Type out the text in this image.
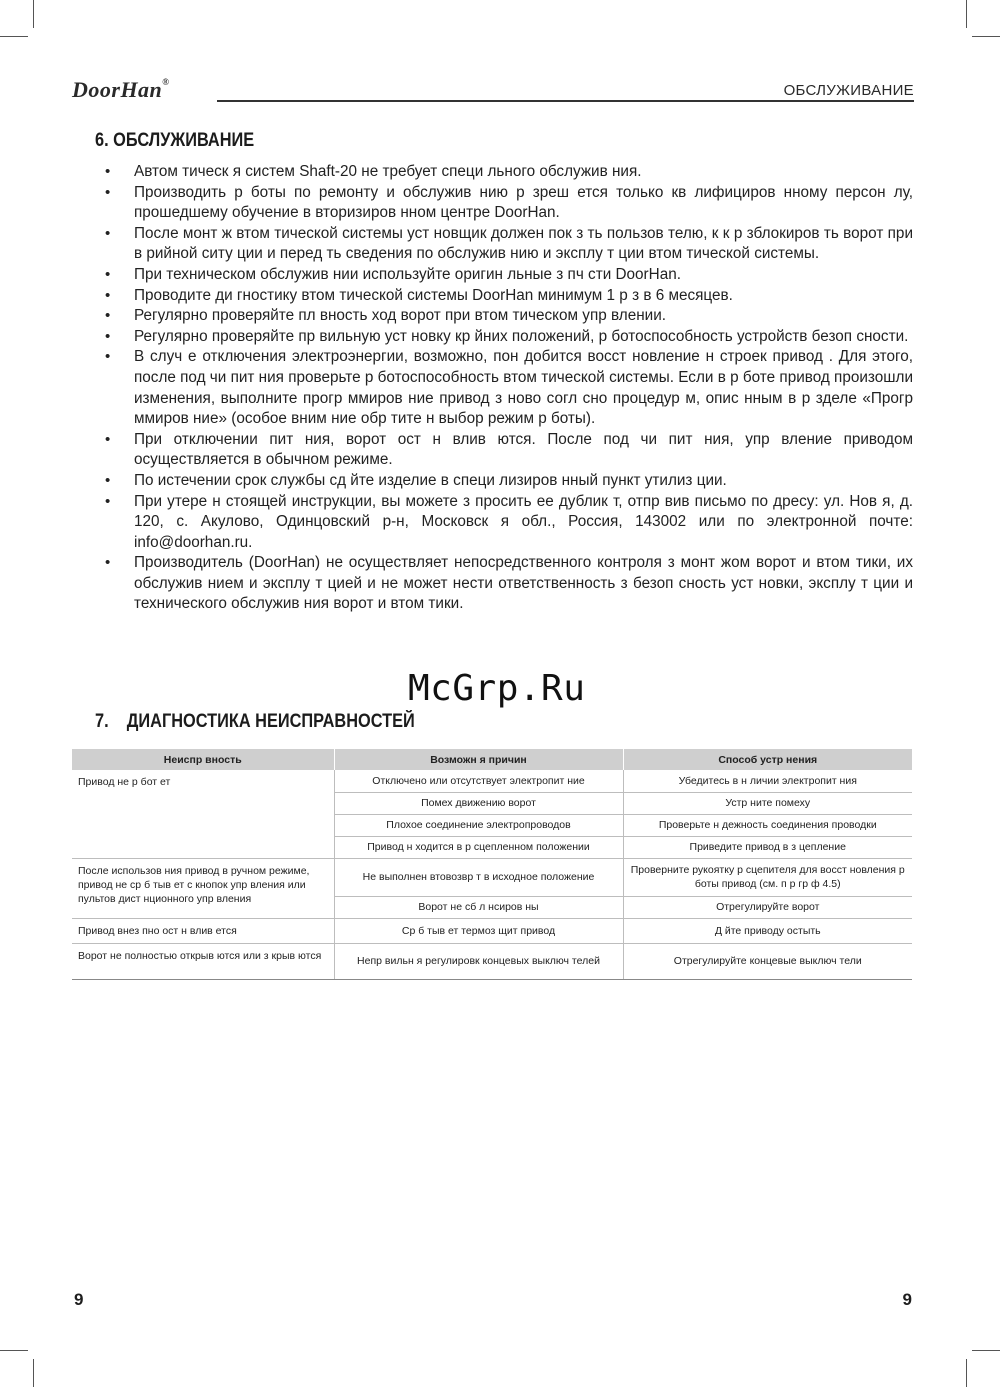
DoorHan®	ОБСЛУЖИВАНИЕ
6. ОБСЛУЖИВАНИЕ
• Автом тическ я систем Shaft-20 не требует специ льного обслужив ния.
• Производить р боты по ремонту и обслужив нию р зреш ется только кв лифициров нному персон лу, прошедшему обучение в вторизиров нном центре DoorHan.
• После монт ж втом тической системы уст новщик должен пок з ть пользов телю, к к р зблокиров ть ворот при в рийной ситу ции и перед ть сведения по обслужив нию и эксплу т ции втом тической системы.
• При техническом обслужив нии используйте оригин льные з пч сти DoorHan.
• Проводите ди гностику втом тической системы DoorHan минимум 1 р з в 6 месяцев.
• Регулярно проверяйте пл вность ход ворот при втом тическом упр влении.
• Регулярно проверяйте пр вильную уст новку кр йних положений, р ботоспособность устройств безоп сности.
• В случ е отключения электроэнергии, возможно, пон добится восст новление н строек привод . Для этого, после под чи пит ния проверьте р ботоспособность втом тической системы. Если в р боте привод произошли изменения, выполните прогр ммиров ние привод з ново согл сно процедур м, опис нным в р зделе «Прогр ммиров ние» (особое вним ние обр тите н выбор режим р боты).
• При отключении пит ния, ворот ост н влив ются. После под чи пит ния, упр вление приводом осуществляется в обычном режиме.
• По истечении срок службы сд йте изделие в специ лизиров нный пункт утилиз ции.
• При утере н стоящей инструкции, вы можете з просить ее дублик т, отпр вив письмо по дресу: ул. Нов я, д. 120, с. Акулово, Одинцовский р-н, Московск я обл., Россия, 143002 или по электронной почте: info@doorhan.ru.
• Производитель (DoorHan) не осуществляет непосредственного контроля з монт жом ворот и втом тики, их обслужив нием и эксплу т цией и не может нести ответственность з безоп сность уст новки, эксплу т ции и технического обслужив ния ворот и втом тики.
McGrp.Ru
7.    ДИАГНОСТИКА НЕИСПРАВНОСТЕЙ
Неиспр вность	Возможн я причин	Способ устр нения
Привод не р бот ет	Отключено или отсутствует электропит ние	Убедитесь в н личии электропит ния
	Помех движению ворот	Устр ните помеху
	Плохое соединение электропроводов	Проверьте н дежность соединения проводки
	Привод н ходится в р сцепленном положении	Приведите привод в з цепление
После использов ния привод в ручном режиме, привод не ср б тыв ет с кнопок упр вления или пультов дист нционного упр вления	Не выполнен втовозвр т в исходное положение	Проверните рукоятку р сцепителя для восст новления р боты привод (см. п р гр ф 4.5)
	Ворот не сб л нсиров ны	Отрегулируйте ворот
Привод внез пно ост н влив ется	Ср б тыв ет термоз щит привод	Д йте приводу остыть
Ворот не полностью открыв ются или з крыв ются	Непр вильн я регулировк концевых выключ телей	Отрегулируйте концевые выключ тели
9	9
